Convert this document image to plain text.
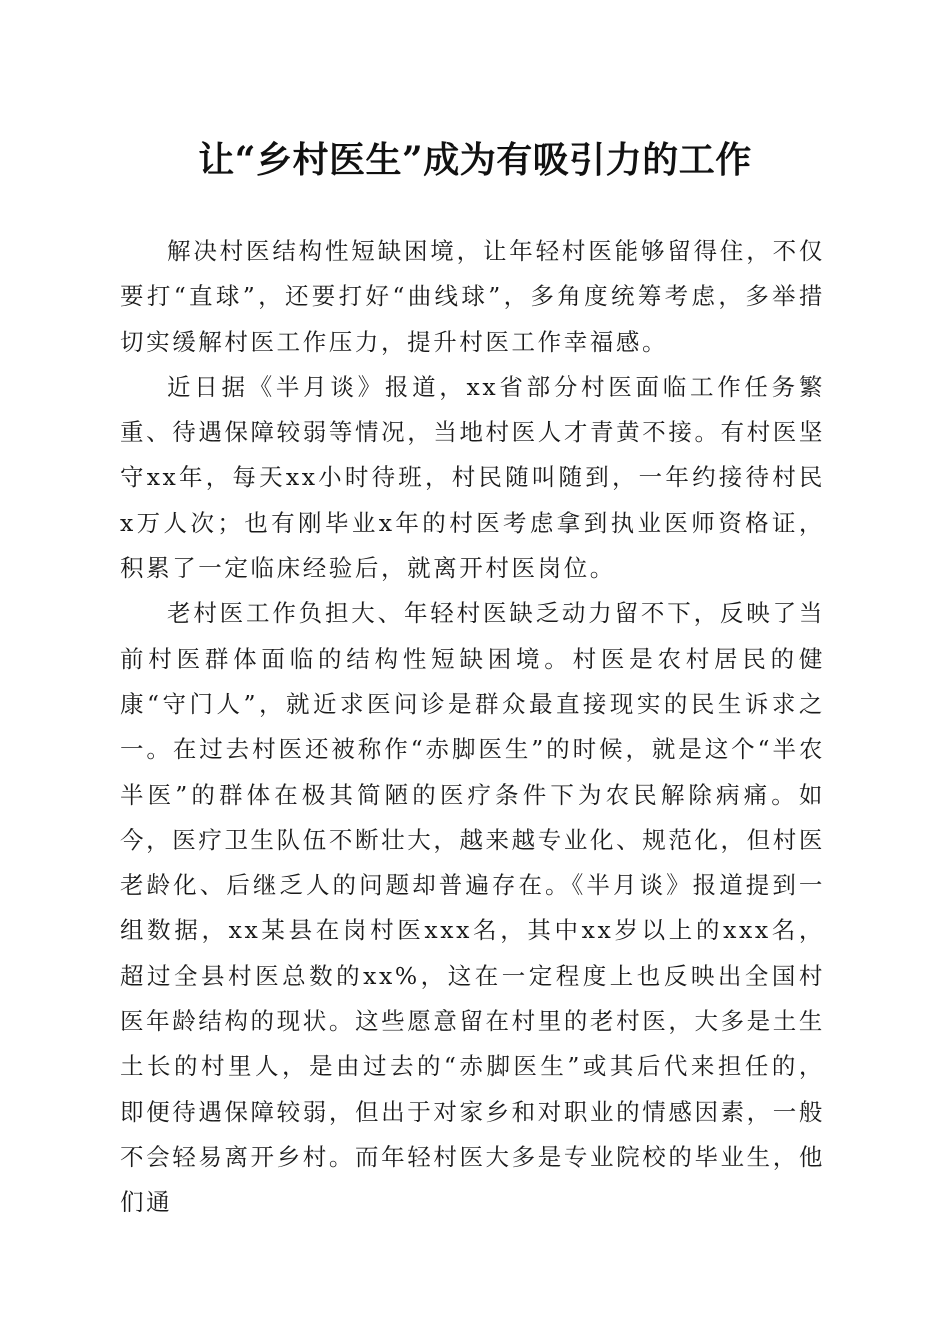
让“乡村医生”成为有吸引力的工作

解决村医结构性短缺困境，让年轻村医能够留得住，不仅要打“直球”，还要打好“曲线球”，多角度统筹考虑，多举措切实缓解村医工作压力，提升村医工作幸福感。

近日据《半月谈》报道，xx省部分村医面临工作任务繁重、待遇保障较弱等情况，当地村医人才青黄不接。有村医坚守xx年，每天xx小时待班，村民随叫随到，一年约接待村民x万人次；也有刚毕业x年的村医考虑拿到执业医师资格证，积累了一定临床经验后，就离开村医岗位。

老村医工作负担大、年轻村医缺乏动力留不下，反映了当前村医群体面临的结构性短缺困境。村医是农村居民的健康“守门人”，就近求医问诊是群众最直接现实的民生诉求之一。在过去村医还被称作“赤脚医生”的时候，就是这个“半农半医”的群体在极其简陋的医疗条件下为农民解除病痛。如今，医疗卫生队伍不断壮大，越来越专业化、规范化，但村医老龄化、后继乏人的问题却普遍存在。《半月谈》报道提到一组数据，xx某县在岗村医xxx名，其中xx岁以上的xxx名，超过全县村医总数的xx%，这在一定程度上也反映出全国村医年龄结构的现状。这些愿意留在村里的老村医，大多是土生土长的村里人，是由过去的“赤脚医生”或其后代来担任的，即便待遇保障较弱，但出于对家乡和对职业的情感因素，一般不会轻易离开乡村。而年轻村医大多是专业院校的毕业生，他们通
